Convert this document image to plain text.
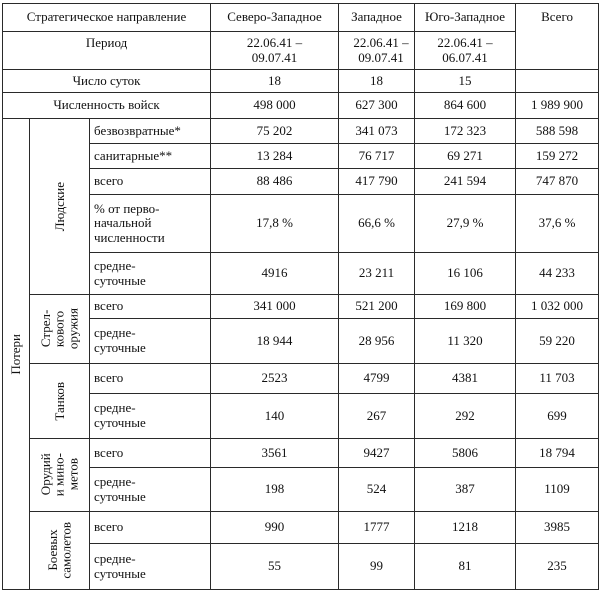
Стратегическое направление			Северо-Западное	Западное	Юго-Западное	Всего
Период			22.06.41 – 09.07.41	22.06.41 – 09.07.41	22.06.41 – 06.07.41	

Число суток			18	18	15	
Численность войск			498 000	627 300	864 600	1 989 900

Потери	Людские	безвозвратные*	75 202	341 073	172 323	588 598

		санитарные**	13 284	76 717	69 271	159 272

		всего	88 486	417 790	241 594	747 870

		% от перво-
начальной
численности	17,8 %	66,6 %	27,9 %	37,6 %

		средне-
суточные	4916	23 211	16 106	44 233

	Стрел-
кового
оружия	всего	341 000	521 200	169 800	1 032 000

		средне-
суточные	18 944	28 956	11 320	59 220

	Танков	всего	2523	4799	4381	11 703

		средне-
суточные	140	267	292	699

	Орудий
и мино-
метов	всего	3561	9427	5806	18 794

		средне-
суточные	198	524	387	1109

	Боевых
самолетов	всего	990	1777	1218	3985

		средне-
суточные	55	99	81	235
